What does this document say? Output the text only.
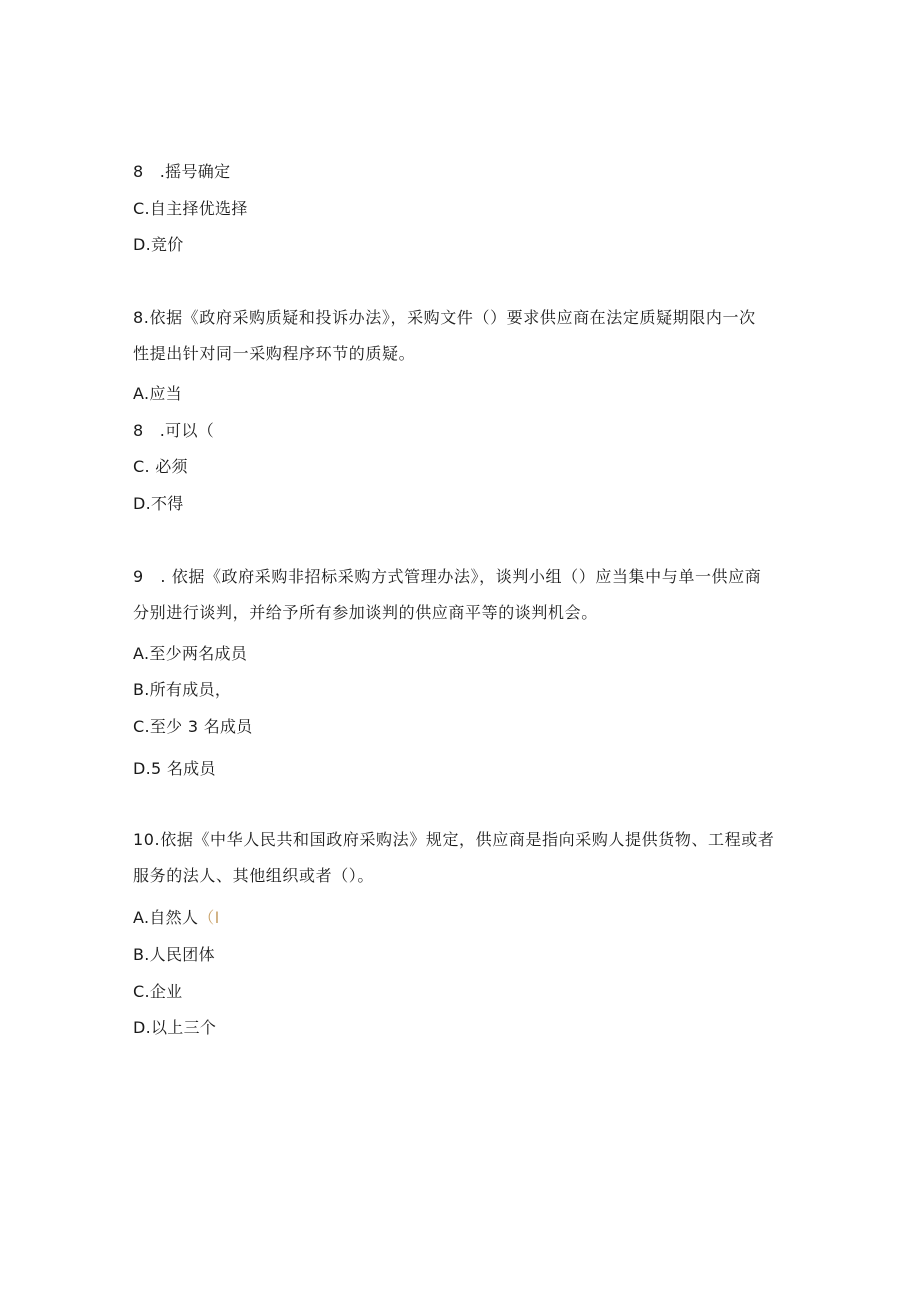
8　.摇号确定
C.自主择优选择
D.竞价
8.依据《政府采购质疑和投诉办法》，采购文件（）要求供应商在法定质疑期限内一次
性提出针对同一采购程序环节的质疑。
A.应当
8　.可以（
C. 必须
D.不得
9　. 依据《政府采购非招标采购方式管理办法》，谈判小组（）应当集中与单一供应商
分别进行谈判，并给予所有参加谈判的供应商平等的谈判机会。
A.至少两名成员
B.所有成员，
C.至少 3 名成员
D.5 名成员
10.依据《中华人民共和国政府采购法》规定，供应商是指向采购人提供货物、工程或者
服务的法人、其他组织或者（）。
A.自然人（I
B.人民团体
C.企业
D.以上三个
